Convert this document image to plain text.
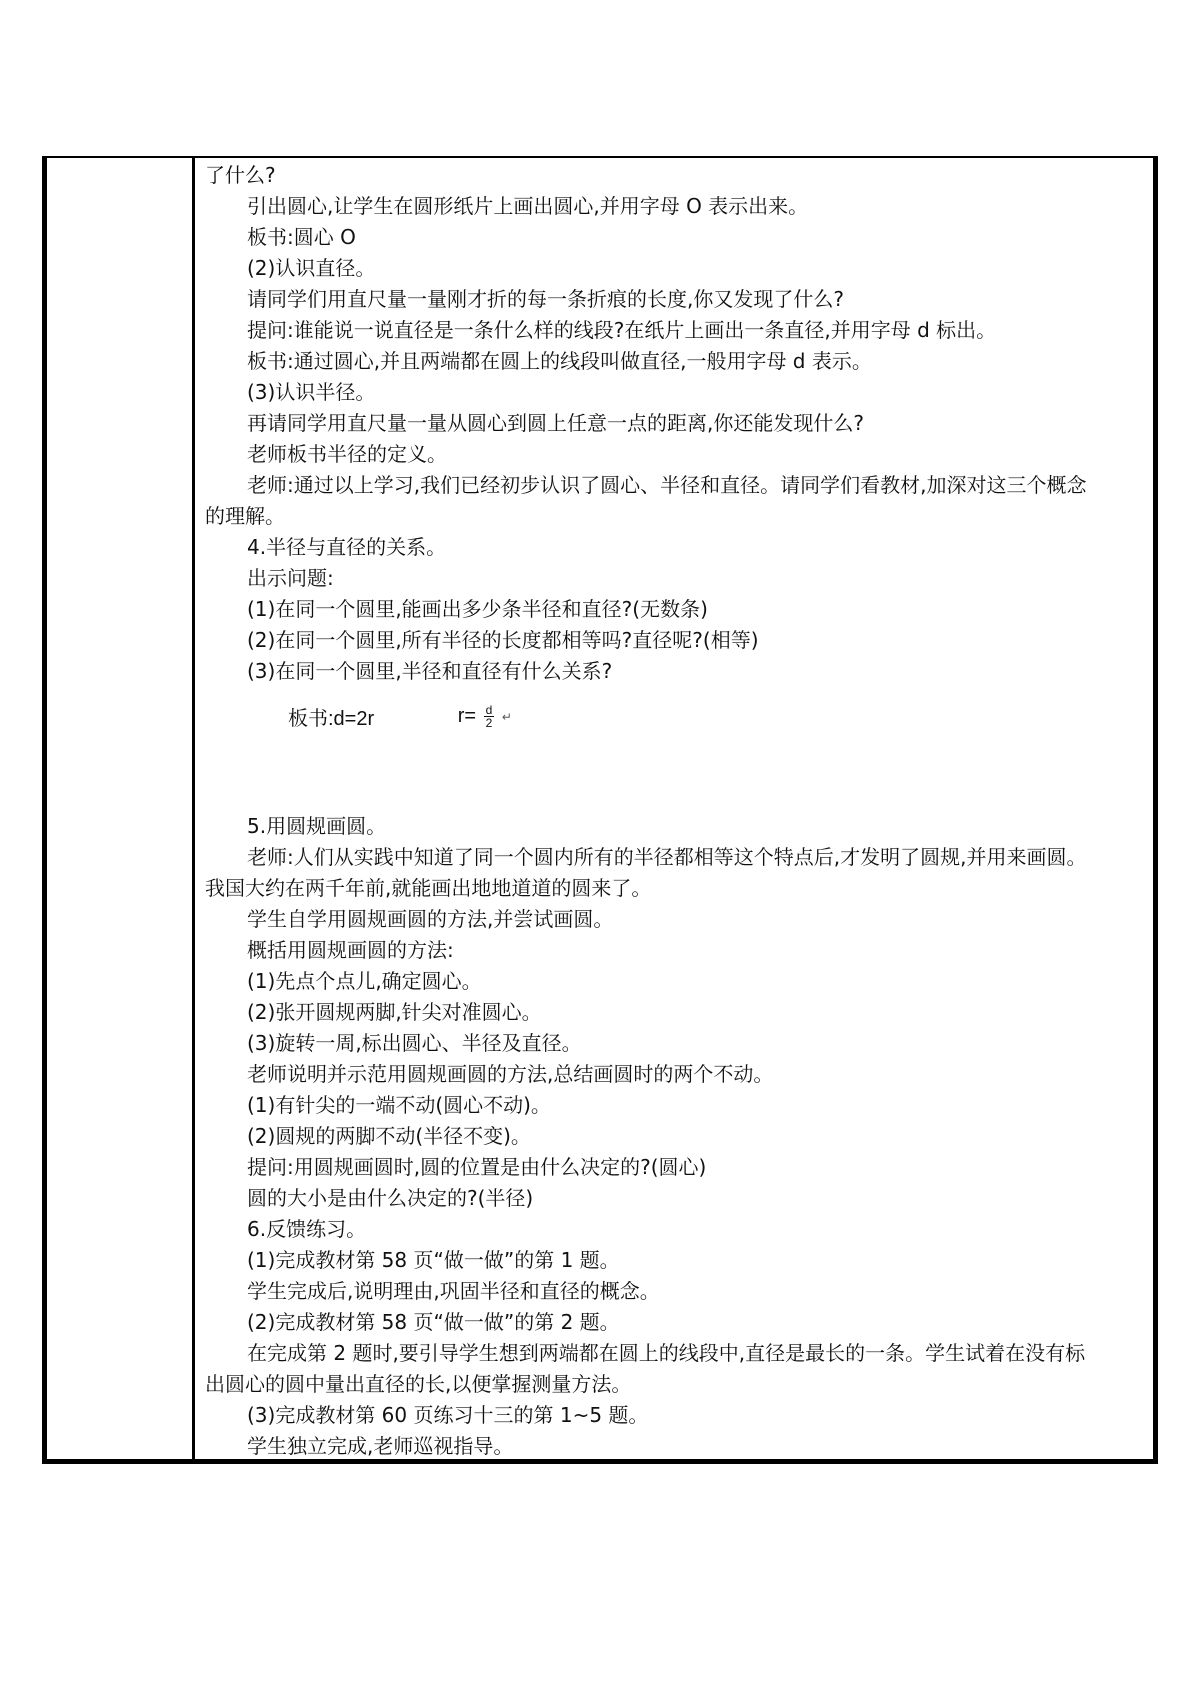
了什么?
引出圆心,让学生在圆形纸片上画出圆心,并用字母 O 表示出来。
板书:圆心 O
(2)认识直径。
请同学们用直尺量一量刚才折的每一条折痕的长度,你又发现了什么?
提问:谁能说一说直径是一条什么样的线段?在纸片上画出一条直径,并用字母 d 标出。
板书:通过圆心,并且两端都在圆上的线段叫做直径,一般用字母 d 表示。
(3)认识半径。
再请同学用直尺量一量从圆心到圆上任意一点的距离,你还能发现什么?
老师板书半径的定义。
老师:通过以上学习,我们已经初步认识了圆心、半径和直径。请同学们看教材,加深对这三个概念
的理解。
4.半径与直径的关系。
出示问题:
(1)在同一个圆里,能画出多少条半径和直径?(无数条)
(2)在同一个圆里,所有半径的长度都相等吗?直径呢?(相等)
(3)在同一个圆里,半径和直径有什么关系?
5.用圆规画圆。
老师:人们从实践中知道了同一个圆内所有的半径都相等这个特点后,才发明了圆规,并用来画圆。
我国大约在两千年前,就能画出地地道道的圆来了。
学生自学用圆规画圆的方法,并尝试画圆。
概括用圆规画圆的方法:
(1)先点个点儿,确定圆心。
(2)张开圆规两脚,针尖对准圆心。
(3)旋转一周,标出圆心、半径及直径。
老师说明并示范用圆规画圆的方法,总结画圆时的两个不动。
(1)有针尖的一端不动(圆心不动)。
(2)圆规的两脚不动(半径不变)。
提问:用圆规画圆时,圆的位置是由什么决定的?(圆心)
圆的大小是由什么决定的?(半径)
6.反馈练习。
(1)完成教材第 58 页“做一做”的第 1 题。
学生完成后,说明理由,巩固半径和直径的概念。
(2)完成教材第 58 页“做一做”的第 2 题。
在完成第 2 题时,要引导学生想到两端都在圆上的线段中,直径是最长的一条。学生试着在没有标
出圆心的圆中量出直径的长,以便掌握测量方法。
(3)完成教材第 60 页练习十三的第 1~5 题。
学生独立完成,老师巡视指导。
板书:d=2r	$r= \frac{d}{2}$ ↵
